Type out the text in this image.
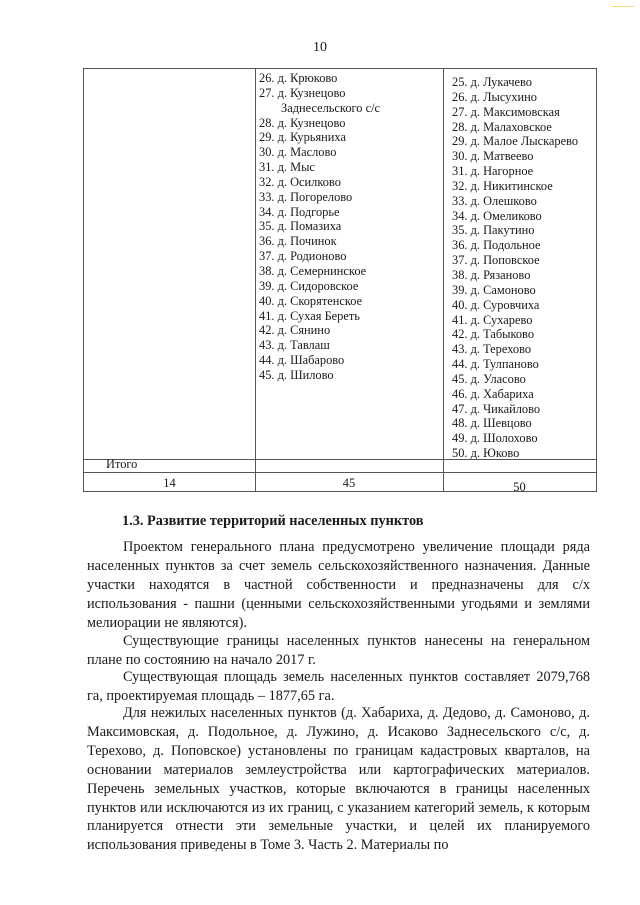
10
26. д. Крюково
27. д. Кузнецово
Заднесельского с/с
28. д. Кузнецово
29. д. Курьяниха
30. д. Маслово
31. д. Мыс
32. д. Осилково
33. д. Погорелово
34. д. Подгорье
35. д. Помазиха
36. д. Починок
37. д. Родионово
38. д. Семернинское
39. д. Сидоровское
40. д. Скорятенское
41. д. Сухая Береть
42. д. Сянино
43. д. Тавлаш
44. д. Шабарово
45. д. Шилово
25. д. Лукачево
26. д. Лысухино
27. д. Максимовская
28. д. Малаховское
29. д. Малое Лыскарево
30. д. Матвеево
31. д. Нагорное
32. д. Никитинское
33. д. Олешково
34. д. Омеликово
35. д. Пакутино
36. д. Подольное
37. д. Поповское
38. д. Рязаново
39. д. Самоново
40. д. Суровчиха
41. д. Сухарево
42. д. Табыково
43. д. Терехово
44. д. Тулпаново
45. д. Уласово
46. д. Хабариха
47. д. Чикайлово
48. д. Шевцово
49. д. Шолохово
50. д. Юково
Итого
14	45	50
1.3. Развитие территорий населенных пунктов
Проектом генерального плана предусмотрено увеличение площади ряда населенных пунктов за счет земель сельскохозяйственного назначения. Данные участки находятся в частной собственности и предназначены для с/х использования - пашни (ценными сельскохозяйственными угодьями и землями мелиорации не являются).
Существующие границы населенных пунктов нанесены на генеральном плане по состоянию на начало 2017 г.
Существующая площадь земель населенных пунктов составляет 2079,768 га, проектируемая площадь – 1877,65 га.
Для нежилых населенных пунктов (д. Хабариха, д. Дедово, д. Самоново, д. Максимовская, д. Подольное, д. Лужино, д. Исаково Заднесельского с/с, д. Терехово, д. Поповское) установлены по границам кадастровых кварталов, на основании материалов землеустройства или картографических материалов. Перечень земельных участков, которые включаются в границы населенных пунктов или исключаются из их границ, с указанием категорий земель, к которым планируется отнести эти земельные участки, и целей их планируемого использования приведены в Томе 3. Часть 2. Материалы по
